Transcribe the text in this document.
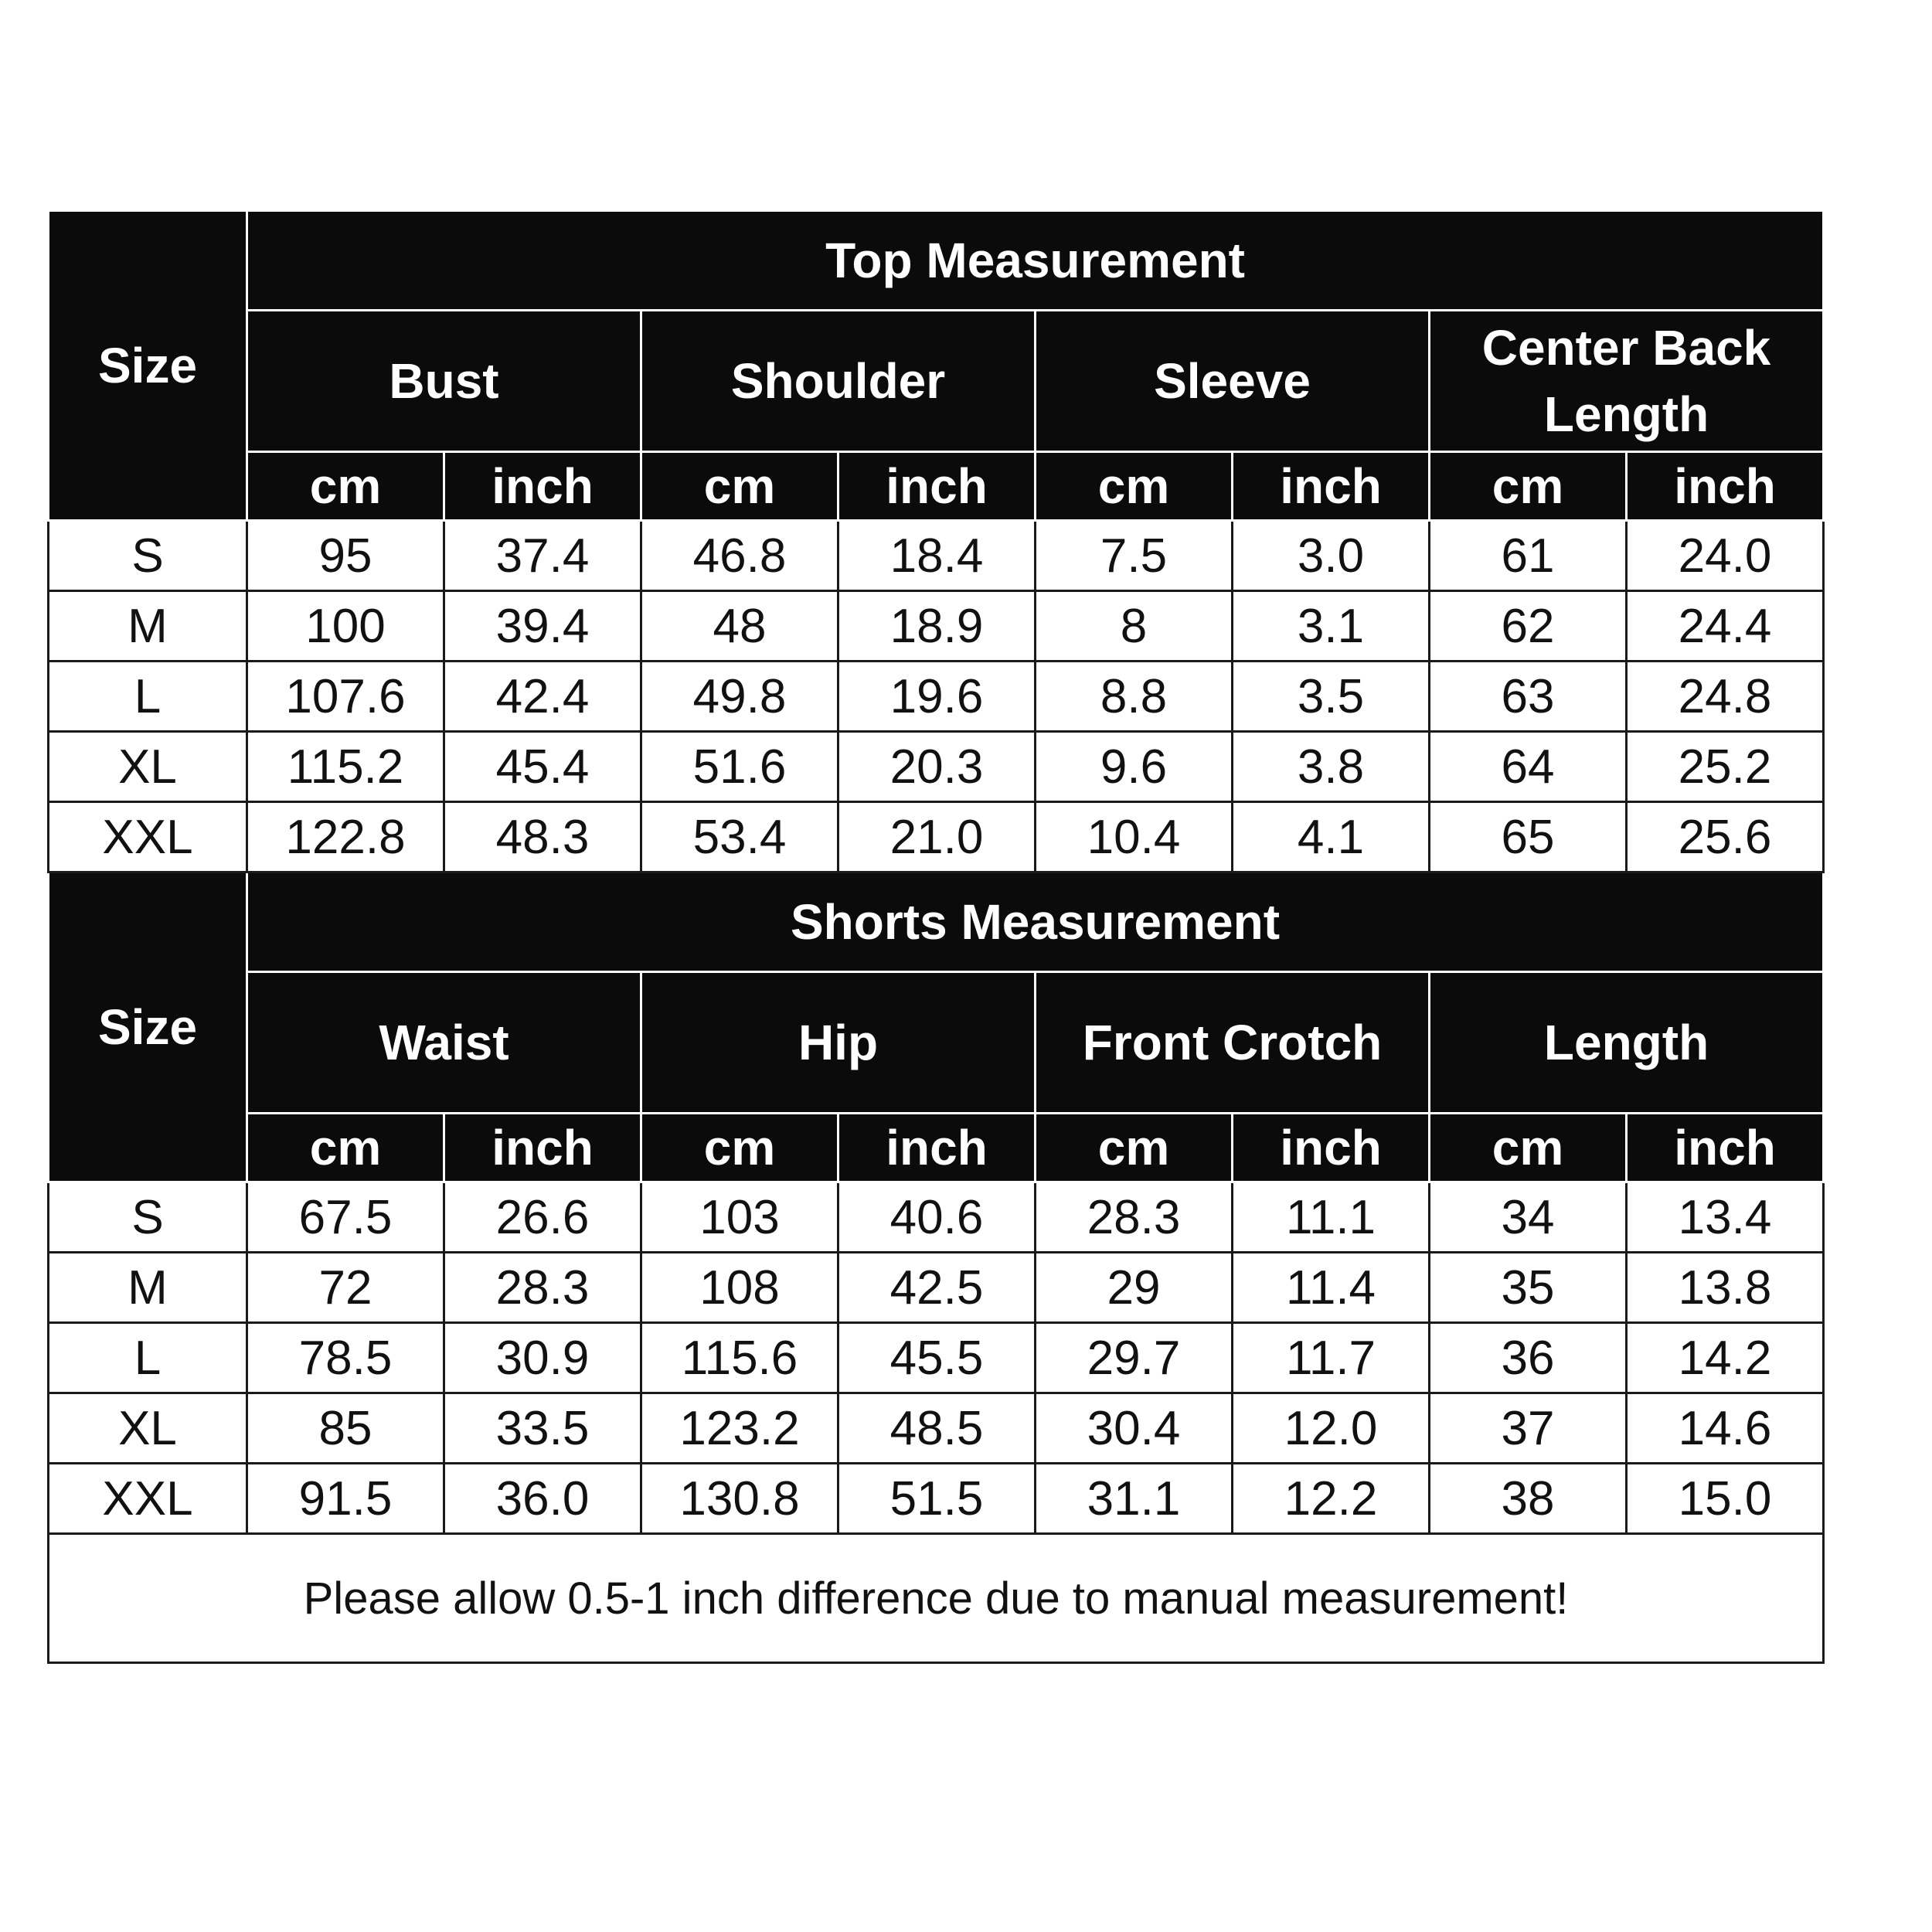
Size	Top Measurement							
	Bust		Shoulder		Sleeve		Center Back Length	
	cm	inch	cm	inch	cm	inch	cm	inch
S	95	37.4	46.8	18.4	7.5	3.0	61	24.0
M	100	39.4	48	18.9	8	3.1	62	24.4
L	107.6	42.4	49.8	19.6	8.8	3.5	63	24.8
XL	115.2	45.4	51.6	20.3	9.6	3.8	64	25.2
XXL	122.8	48.3	53.4	21.0	10.4	4.1	65	25.6
Size	Shorts Measurement							
	Waist		Hip		Front Crotch		Length	
	cm	inch	cm	inch	cm	inch	cm	inch
S	67.5	26.6	103	40.6	28.3	11.1	34	13.4
M	72	28.3	108	42.5	29	11.4	35	13.8
L	78.5	30.9	115.6	45.5	29.7	11.7	36	14.2
XL	85	33.5	123.2	48.5	30.4	12.0	37	14.6
XXL	91.5	36.0	130.8	51.5	31.1	12.2	38	15.0
Please allow 0.5-1 inch difference due to manual measurement!								
